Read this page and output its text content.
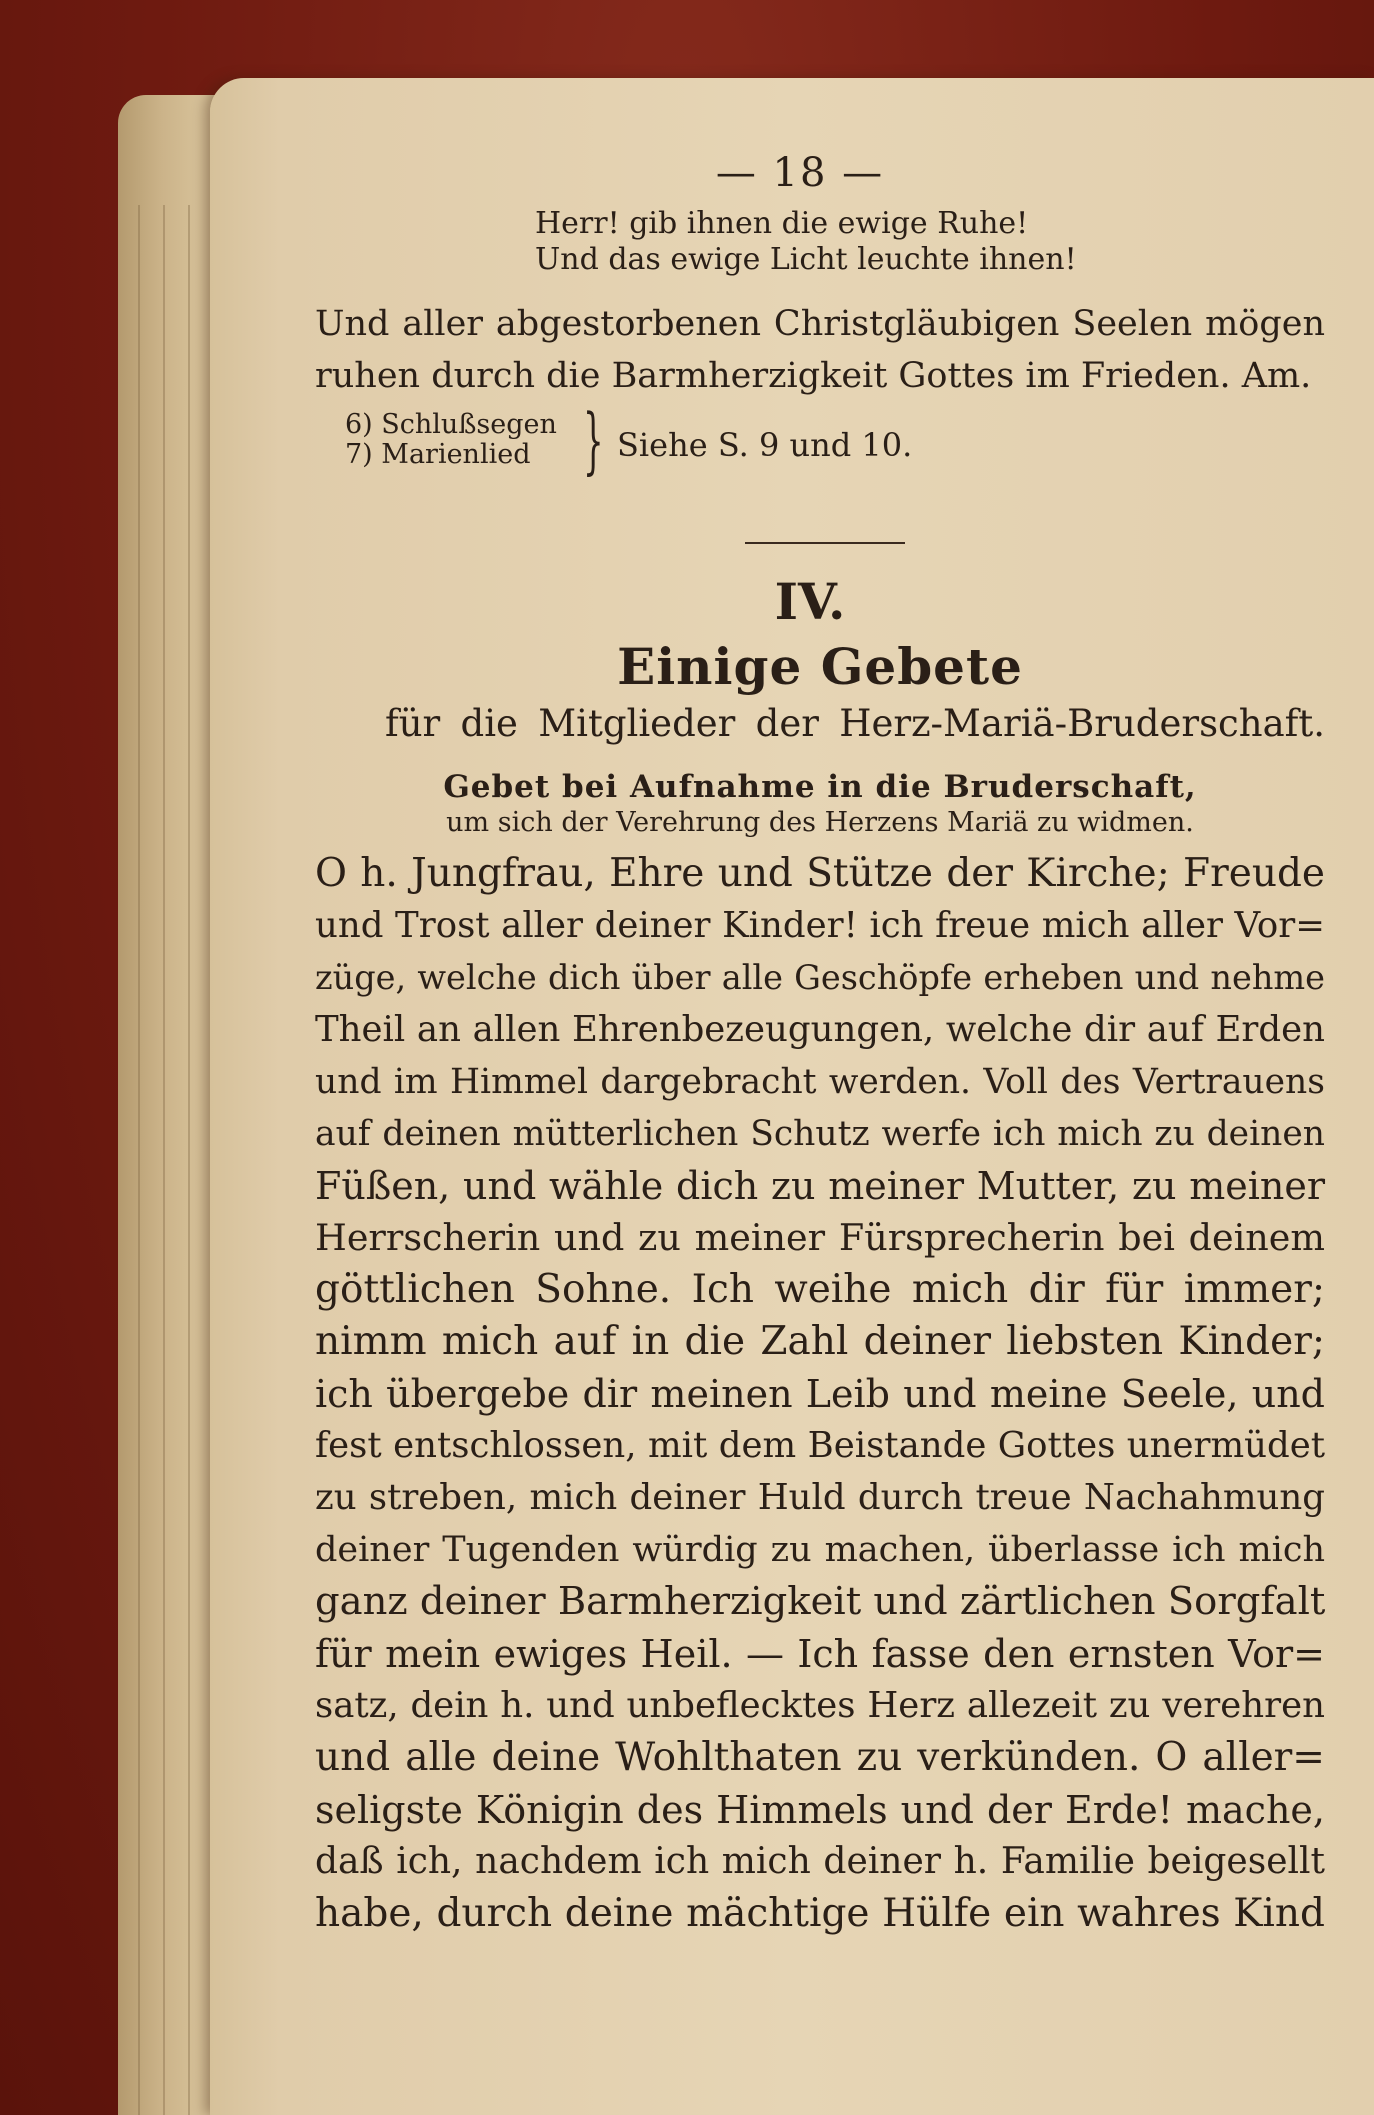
— 18 —
Herr! gib ihnen die ewige Ruhe!
Und das ewige Licht leuchte ihnen!
Und aller abgestorbenen Christgläubigen Seelen mögen
ruhen durch die Barmherzigkeit Gottes im Frieden. Am.
6) Schlußsegen
7) Marienlied } Siehe S. 9 und 10.
IV.
Einige Gebete
für die Mitglieder der Herz-Mariä-Bruderschaft.
Gebet bei Aufnahme in die Bruderschaft,
um sich der Verehrung des Herzens Mariä zu widmen.
O h. Jungfrau, Ehre und Stütze der Kirche; Freude
und Trost aller deiner Kinder! ich freue mich aller Vor=
züge, welche dich über alle Geschöpfe erheben und nehme
Theil an allen Ehrenbezeugungen, welche dir auf Erden
und im Himmel dargebracht werden. Voll des Vertrauens
auf deinen mütterlichen Schutz werfe ich mich zu deinen
Füßen, und wähle dich zu meiner Mutter, zu meiner
Herrscherin und zu meiner Fürsprecherin bei deinem
göttlichen Sohne. Ich weihe mich dir für immer;
nimm mich auf in die Zahl deiner liebsten Kinder;
ich übergebe dir meinen Leib und meine Seele, und
fest entschlossen, mit dem Beistande Gottes unermüdet
zu streben, mich deiner Huld durch treue Nachahmung
deiner Tugenden würdig zu machen, überlasse ich mich
ganz deiner Barmherzigkeit und zärtlichen Sorgfalt
für mein ewiges Heil. — Ich fasse den ernsten Vor=
satz, dein h. und unbeflecktes Herz allezeit zu verehren
und alle deine Wohlthaten zu verkünden. O aller=
seligste Königin des Himmels und der Erde! mache,
daß ich, nachdem ich mich deiner h. Familie beigesellt
habe, durch deine mächtige Hülfe ein wahres Kind
